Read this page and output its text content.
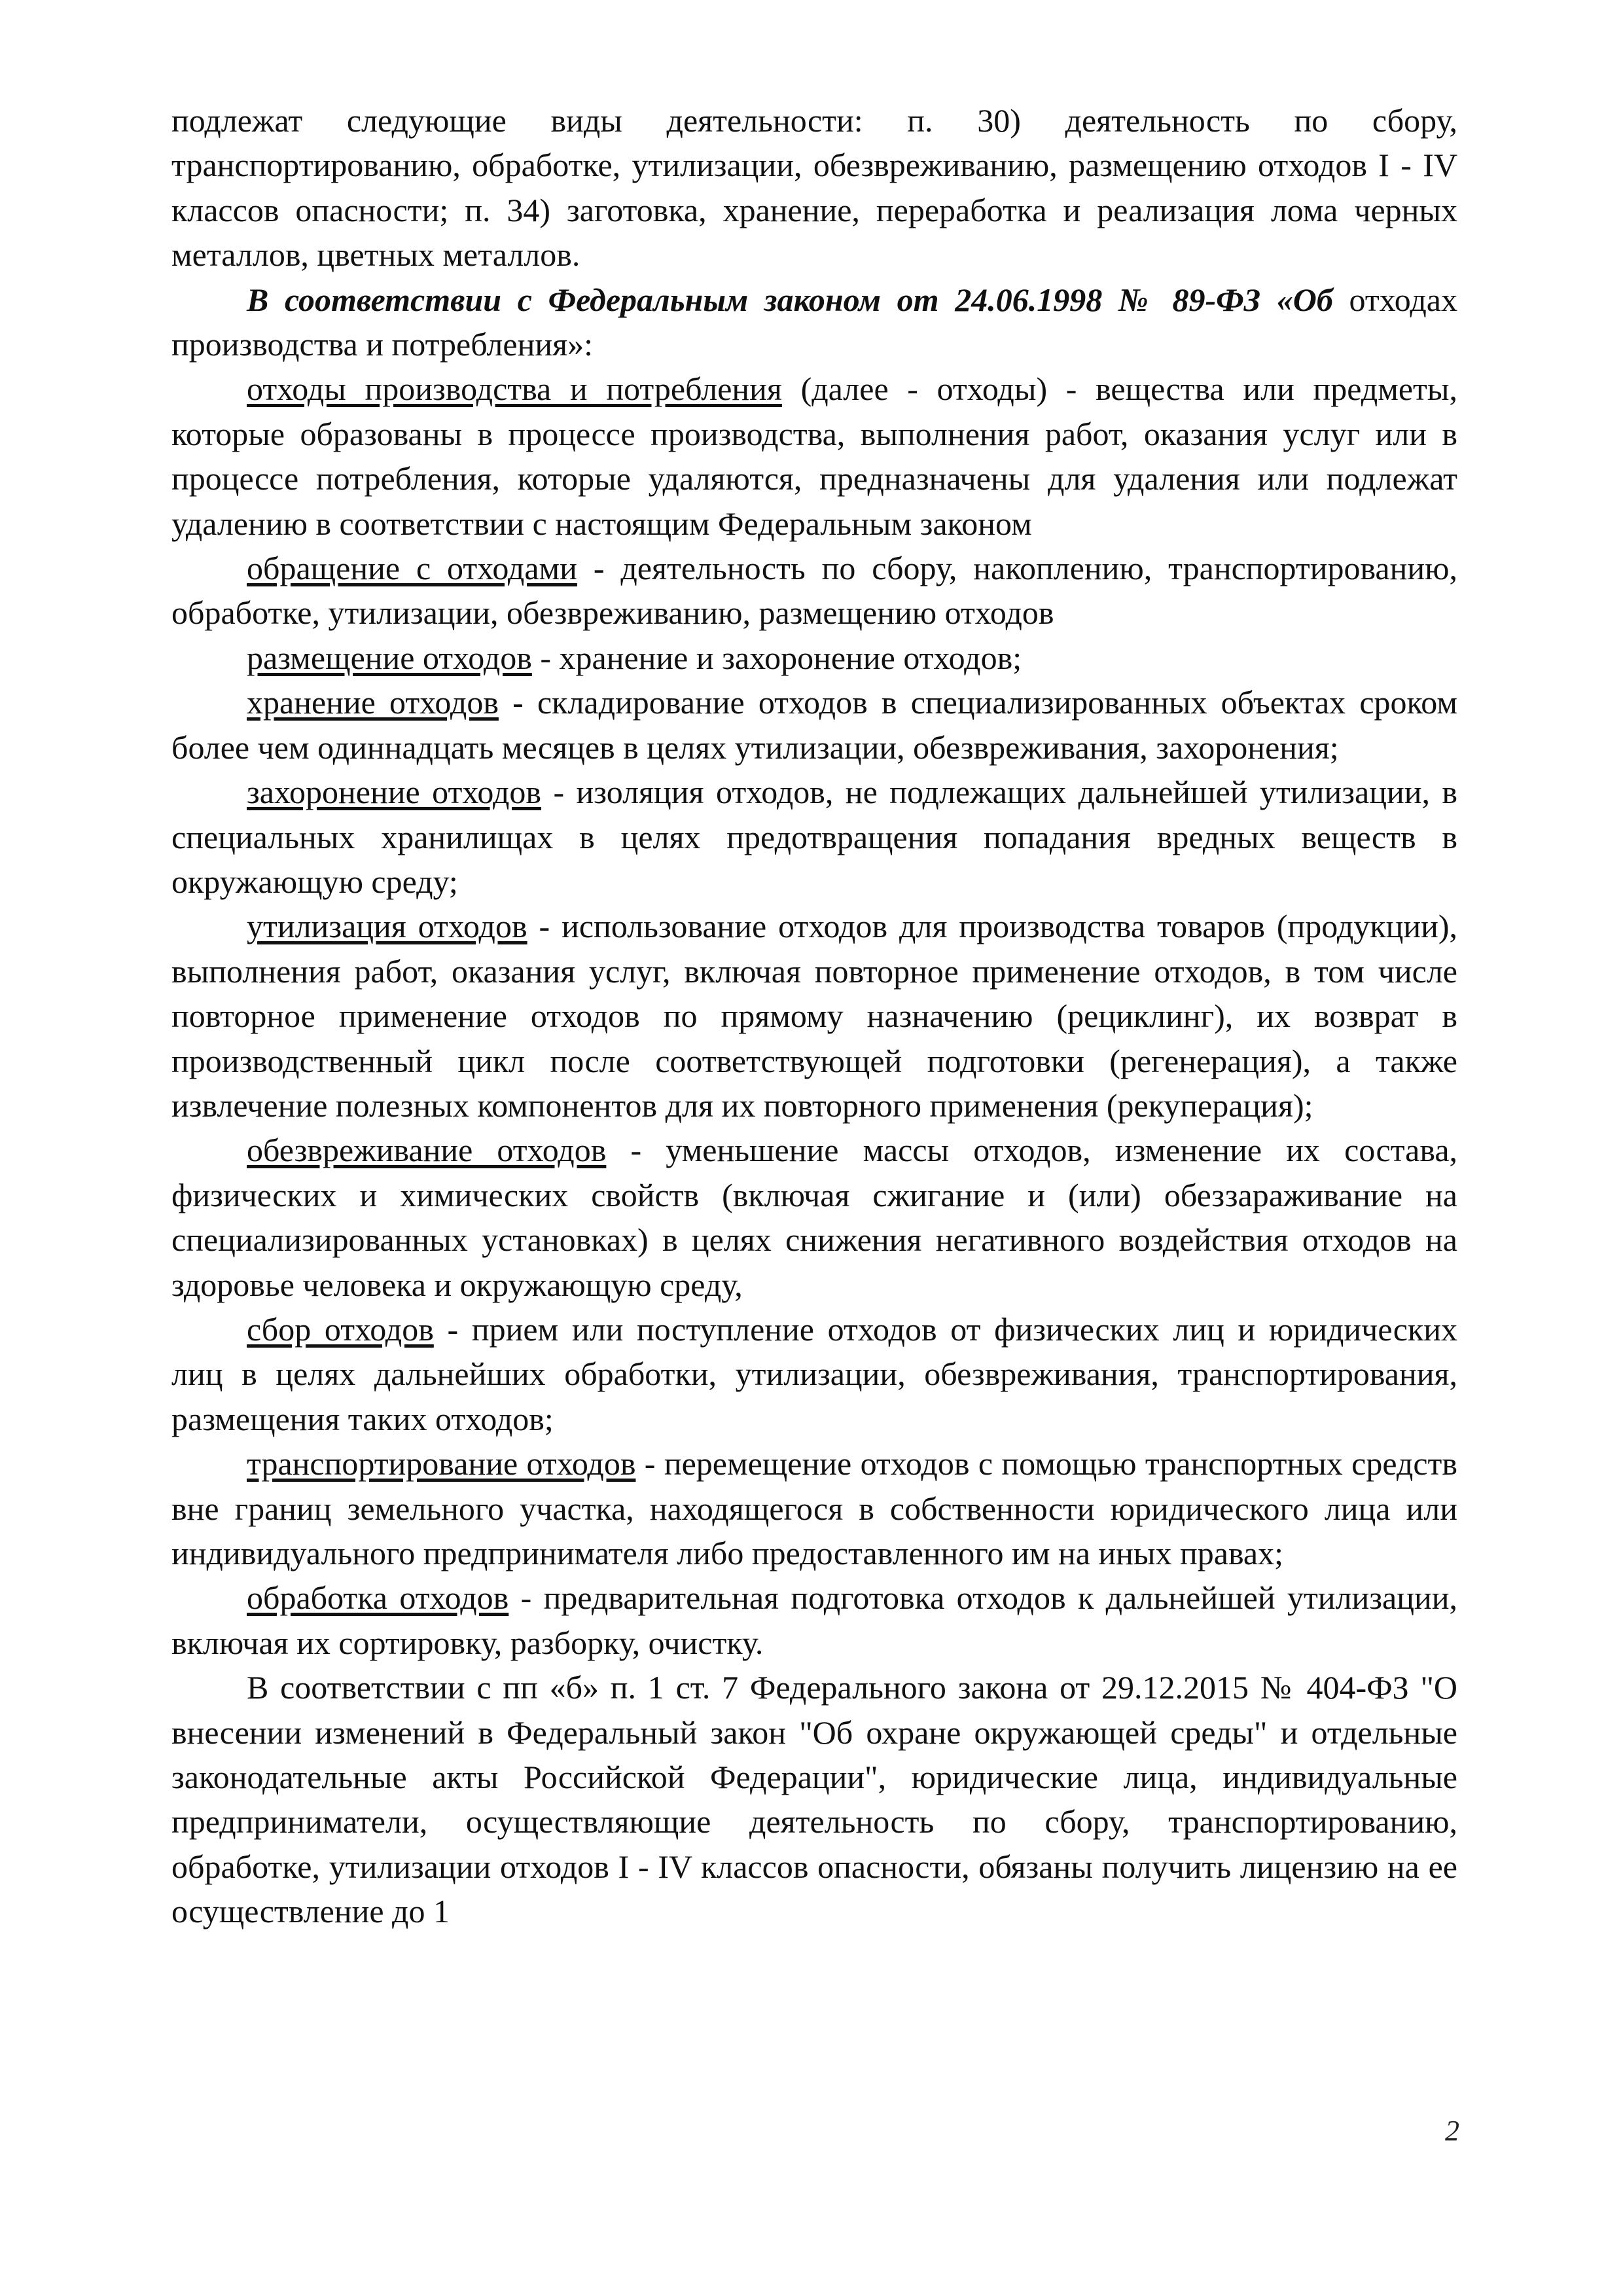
подлежат следующие виды деятельности: п. 30) деятельность по сбору, транспортированию, обработке, утилизации, обезвреживанию, размещению отходов I - IV классов опасности; п. 34) заготовка, хранение, переработка и реализация лома черных металлов, цветных металлов.

В соответствии с Федеральным законом от 24.06.1998 № 89-ФЗ «Об отходах производства и потребления»:

отходы производства и потребления (далее - отходы) - вещества или предметы, которые образованы в процессе производства, выполнения работ, оказания услуг или в процессе потребления, которые удаляются, предназначены для удаления или подлежат удалению в соответствии с настоящим Федеральным законом

обращение с отходами - деятельность по сбору, накоплению, транспортированию, обработке, утилизации, обезвреживанию, размещению отходов

размещение отходов - хранение и захоронение отходов;

хранение отходов - складирование отходов в специализированных объектах сроком более чем одиннадцать месяцев в целях утилизации, обезвреживания, захоронения;

захоронение отходов - изоляция отходов, не подлежащих дальнейшей утилизации, в специальных хранилищах в целях предотвращения попадания вредных веществ в окружающую среду;

утилизация отходов - использование отходов для производства товаров (продукции), выполнения работ, оказания услуг, включая повторное применение отходов, в том числе повторное применение отходов по прямому назначению (рециклинг), их возврат в производственный цикл после соответствующей подготовки (регенерация), а также извлечение полезных компонентов для их повторного применения (рекуперация);

обезвреживание отходов - уменьшение массы отходов, изменение их состава, физических и химических свойств (включая сжигание и (или) обеззараживание на специализированных установках) в целях снижения негативного воздействия отходов на здоровье человека и окружающую среду,

сбор отходов - прием или поступление отходов от физических лиц и юридических лиц в целях дальнейших обработки, утилизации, обезвреживания, транспортирования, размещения таких отходов;

транспортирование отходов - перемещение отходов с помощью транспортных средств вне границ земельного участка, находящегося в собственности юридического лица или индивидуального предпринимателя либо предоставленного им на иных правах;

обработка отходов - предварительная подготовка отходов к дальнейшей утилизации, включая их сортировку, разборку, очистку.

В соответствии с пп «б» п. 1 ст. 7 Федерального закона от 29.12.2015 № 404-ФЗ "О внесении изменений в Федеральный закон "Об охране окружающей среды" и отдельные законодательные акты Российской Федерации", юридические лица, индивидуальные предприниматели, осуществляющие деятельность по сбору, транспортированию, обработке, утилизации отходов I - IV классов опасности, обязаны получить лицензию на ее осуществление до 1

2
